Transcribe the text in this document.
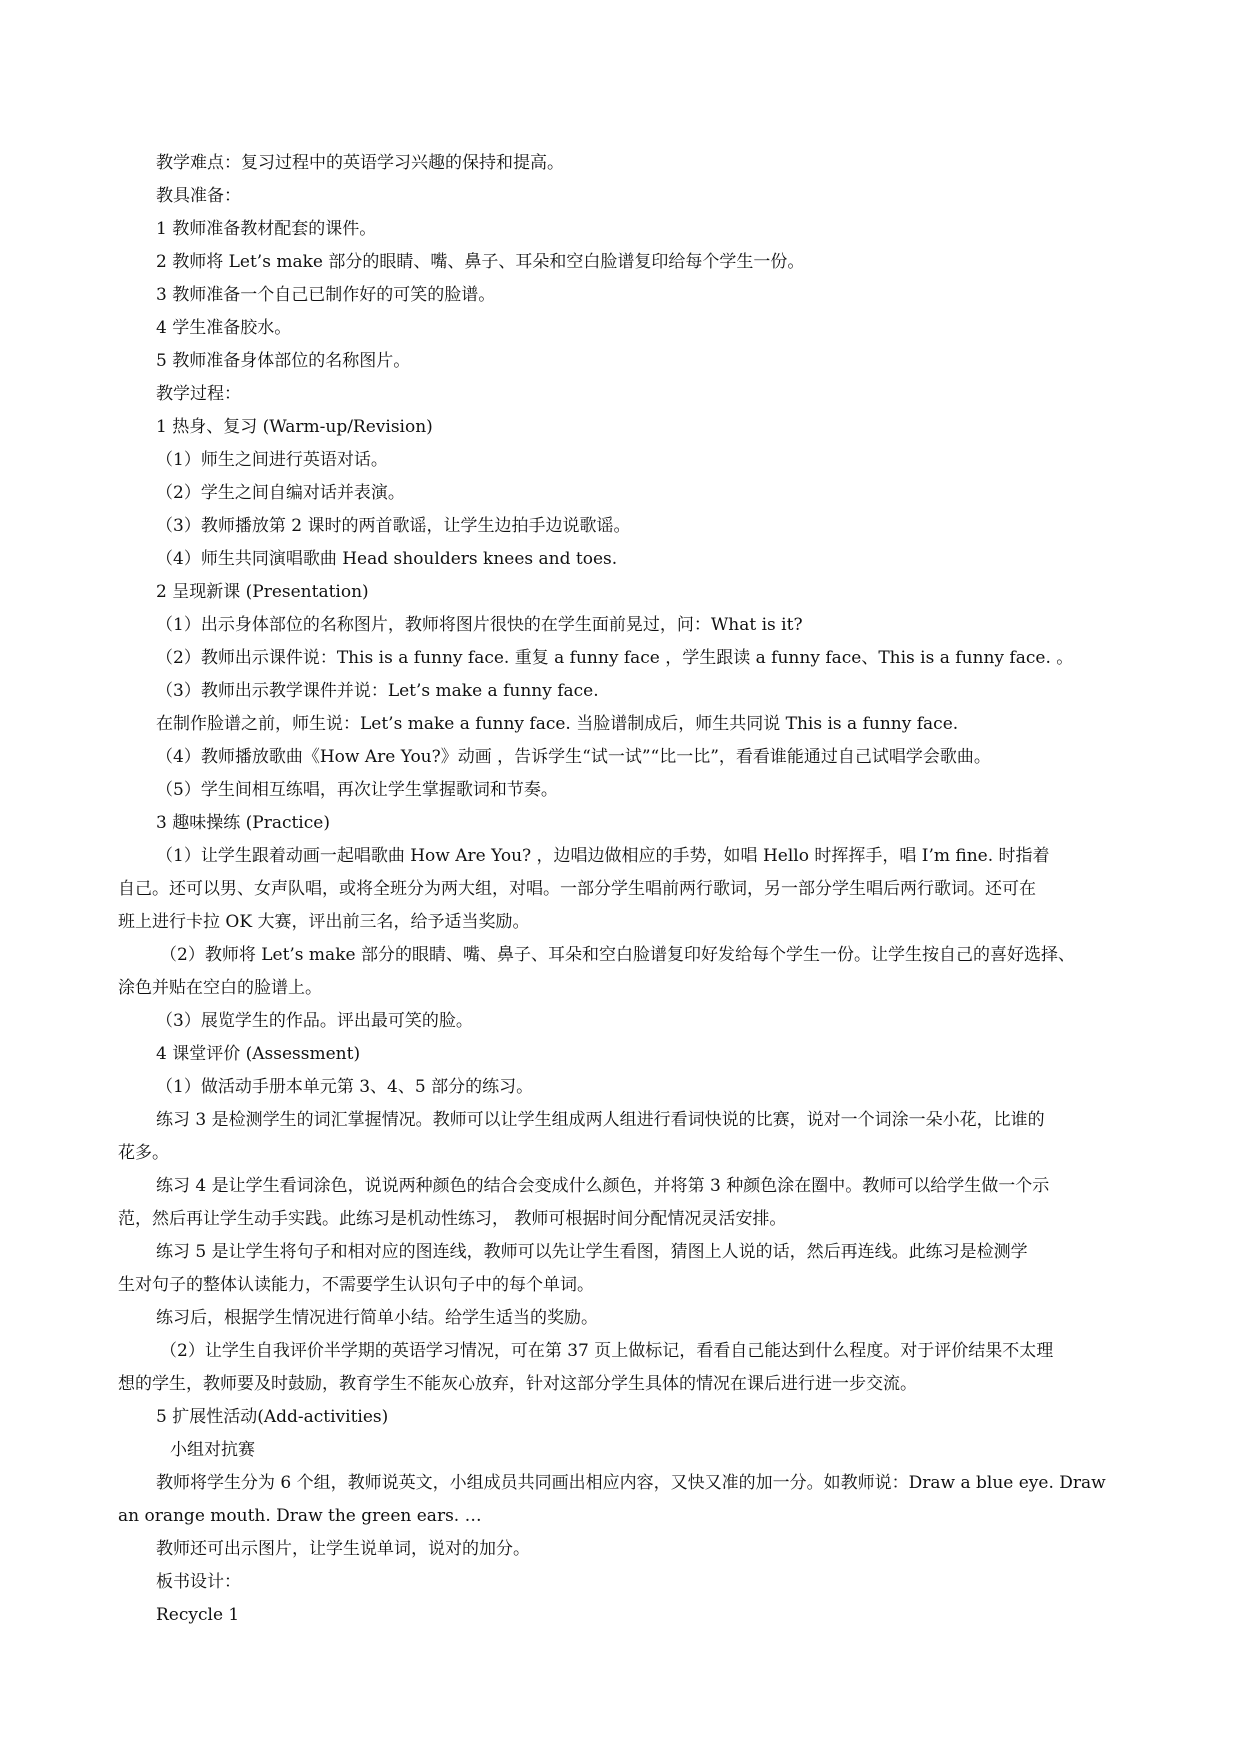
教学难点：复习过程中的英语学习兴趣的保持和提高。
教具准备：
1 教师准备教材配套的课件。
2 教师将 Let’s make 部分的眼睛、嘴、鼻子、耳朵和空白脸谱复印给每个学生一份。
3 教师准备一个自己已制作好的可笑的脸谱。
4 学生准备胶水。
5 教师准备身体部位的名称图片。
教学过程：
1 热身、复习 (Warm-up/Revision)
（1）师生之间进行英语对话。
（2）学生之间自编对话并表演。
（3）教师播放第 2 课时的两首歌谣，让学生边拍手边说歌谣。
（4）师生共同演唱歌曲 Head shoulders knees and toes.
2 呈现新课 (Presentation)
（1）出示身体部位的名称图片，教师将图片很快的在学生面前晃过，问：What is it?
（2）教师出示课件说：This is a funny face. 重复 a funny face ，学生跟读 a funny face、This is a funny face. 。
（3）教师出示教学课件并说：Let’s make a funny face.
在制作脸谱之前，师生说：Let’s make a funny face. 当脸谱制成后，师生共同说 This is a funny face.
（4）教师播放歌曲《How Are You?》动画 ，告诉学生“试一试”“比一比”，看看谁能通过自己试唱学会歌曲。
（5）学生间相互练唱，再次让学生掌握歌词和节奏。
3 趣味操练 (Practice)
（1）让学生跟着动画一起唱歌曲 How Are You? ，边唱边做相应的手势，如唱 Hello 时挥挥手，唱 I’m fine. 时指着
自己。还可以男、女声队唱，或将全班分为两大组，对唱。一部分学生唱前两行歌词，另一部分学生唱后两行歌词。还可在
班上进行卡拉 OK 大赛，评出前三名，给予适当奖励。
（2）教师将 Let’s make 部分的眼睛、嘴、鼻子、耳朵和空白脸谱复印好发给每个学生一份。让学生按自己的喜好选择、
涂色并贴在空白的脸谱上。
（3）展览学生的作品。评出最可笑的脸。
4 课堂评价 (Assessment)
（1）做活动手册本单元第 3、4、5 部分的练习。
练习 3 是检测学生的词汇掌握情况。教师可以让学生组成两人组进行看词快说的比赛，说对一个词涂一朵小花，比谁的
花多。
练习 4 是让学生看词涂色，说说两种颜色的结合会变成什么颜色，并将第 3 种颜色涂在圈中。教师可以给学生做一个示
范，然后再让学生动手实践。此练习是机动性练习， 教师可根据时间分配情况灵活安排。
练习 5 是让学生将句子和相对应的图连线，教师可以先让学生看图，猜图上人说的话，然后再连线。此练习是检测学
生对句子的整体认读能力，不需要学生认识句子中的每个单词。
练习后，根据学生情况进行简单小结。给学生适当的奖励。
（2）让学生自我评价半学期的英语学习情况，可在第 37 页上做标记，看看自己能达到什么程度。对于评价结果不太理
想的学生，教师要及时鼓励，教育学生不能灰心放弃，针对这部分学生具体的情况在课后进行进一步交流。
5 扩展性活动(Add-activities)
小组对抗赛
教师将学生分为 6 个组，教师说英文，小组成员共同画出相应内容，又快又准的加一分。如教师说：Draw a blue eye. Draw
an orange mouth. Draw the green ears. …
教师还可出示图片，让学生说单词，说对的加分。
板书设计：
Recycle 1
